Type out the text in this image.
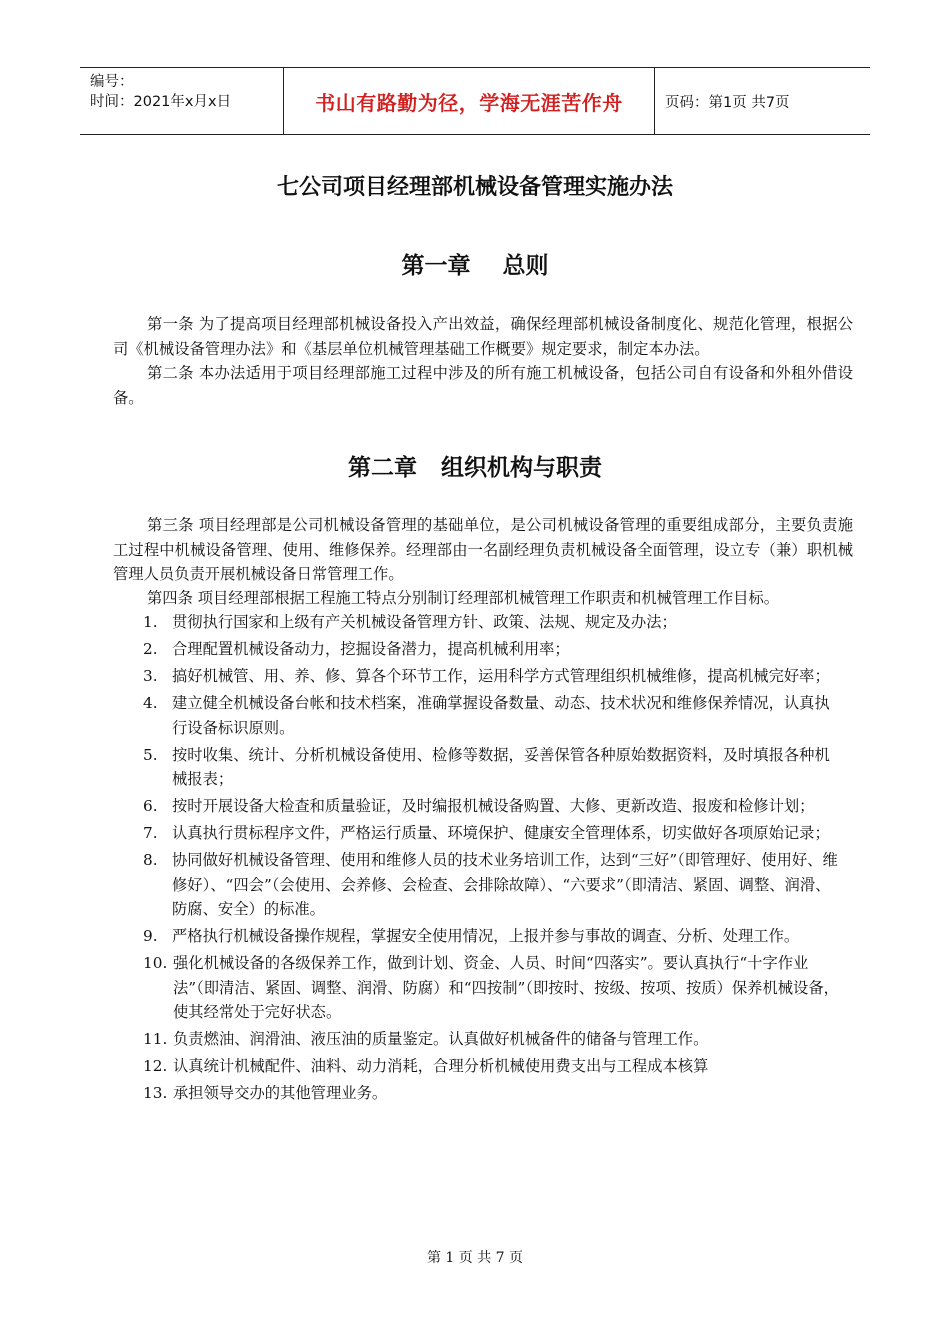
编号：
时间：2021年x月x日	书山有路勤为径，学海无涯苦作舟	页码：第1页 共7页
七公司项目经理部机械设备管理实施办法
第一章    总则
第一条 为了提高项目经理部机械设备投入产出效益，确保经理部机械设备制度化、规范化管理，根据公司《机械设备管理办法》和《基层单位机械管理基础工作概要》规定要求，制定本办法。
第二条 本办法适用于项目经理部施工过程中涉及的所有施工机械设备，包括公司自有设备和外租外借设备。
第二章   组织机构与职责
第三条 项目经理部是公司机械设备管理的基础单位，是公司机械设备管理的重要组成部分，主要负责施工过程中机械设备管理、使用、维修保养。经理部由一名副经理负责机械设备全面管理，设立专（兼）职机械管理人员负责开展机械设备日常管理工作。
第四条 项目经理部根据工程施工特点分别制订经理部机械管理工作职责和机械管理工作目标。
1. 贯彻执行国家和上级有产关机械设备管理方针、政策、法规、规定及办法；
2. 合理配置机械设备动力，挖掘设备潜力，提高机械利用率；
3. 搞好机械管、用、养、修、算各个环节工作，运用科学方式管理组织机械维修，提高机械完好率；
4. 建立健全机械设备台帐和技术档案，准确掌握设备数量、动态、技术状况和维修保养情况，认真执行设备标识原则。
5. 按时收集、统计、分析机械设备使用、检修等数据，妥善保管各种原始数据资料，及时填报各种机械报表；
6. 按时开展设备大检查和质量验证，及时编报机械设备购置、大修、更新改造、报废和检修计划；
7. 认真执行贯标程序文件，严格运行质量、环境保护、健康安全管理体系，切实做好各项原始记录；
8. 协同做好机械设备管理、使用和维修人员的技术业务培训工作，达到“三好”（即管理好、使用好、维修好）、“四会”（会使用、会养修、会检查、会排除故障）、“六要求”（即清洁、紧固、调整、润滑、防腐、安全）的标准。
9. 严格执行机械设备操作规程，掌握安全使用情况，上报并参与事故的调查、分析、处理工作。
10. 强化机械设备的各级保养工作，做到计划、资金、人员、时间“四落实”。要认真执行“十字作业法”（即清洁、紧固、调整、润滑、防腐）和“四按制”（即按时、按级、按项、按质）保养机械设备，使其经常处于完好状态。
11. 负责燃油、润滑油、液压油的质量鉴定。认真做好机械备件的储备与管理工作。
12. 认真统计机械配件、油料、动力消耗，合理分析机械使用费支出与工程成本核算
13. 承担领导交办的其他管理业务。
第 1 页 共 7 页
